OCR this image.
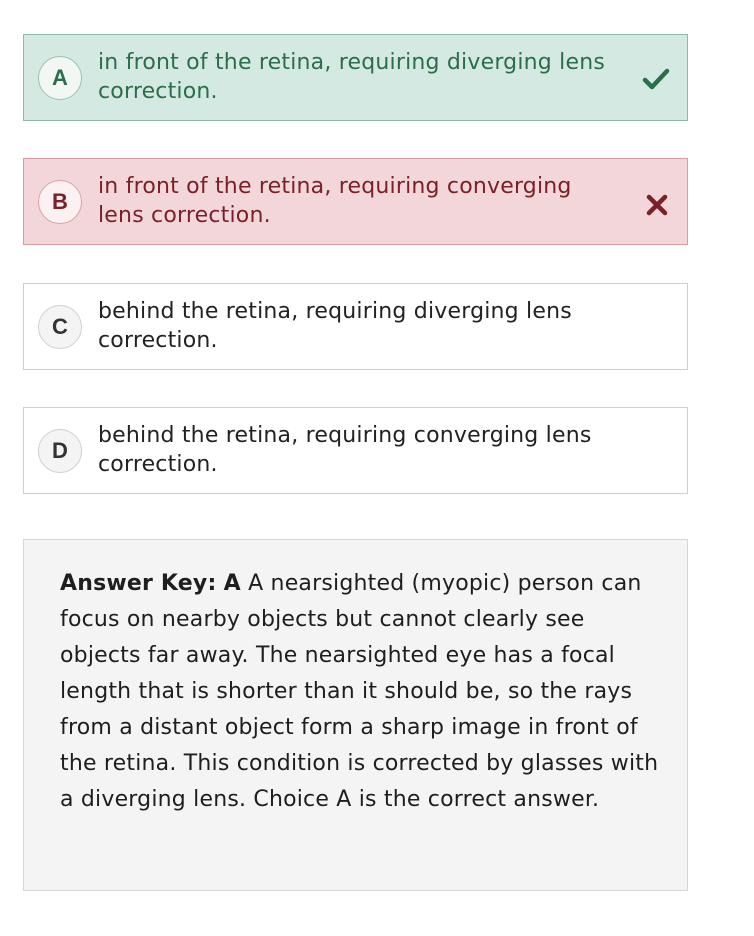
A
in front of the retina, requiring diverging lens correction.
B
in front of the retina, requiring converging lens correction.
C
behind the retina, requiring diverging lens correction.
D
behind the retina, requiring converging lens correction.
Answer Key: A A nearsighted (myopic) person can focus on nearby objects but cannot clearly see objects far away. The nearsighted eye has a focal length that is shorter than it should be, so the rays from a distant object form a sharp image in front of the retina. This condition is corrected by glasses with a diverging lens. Choice A is the correct answer.
